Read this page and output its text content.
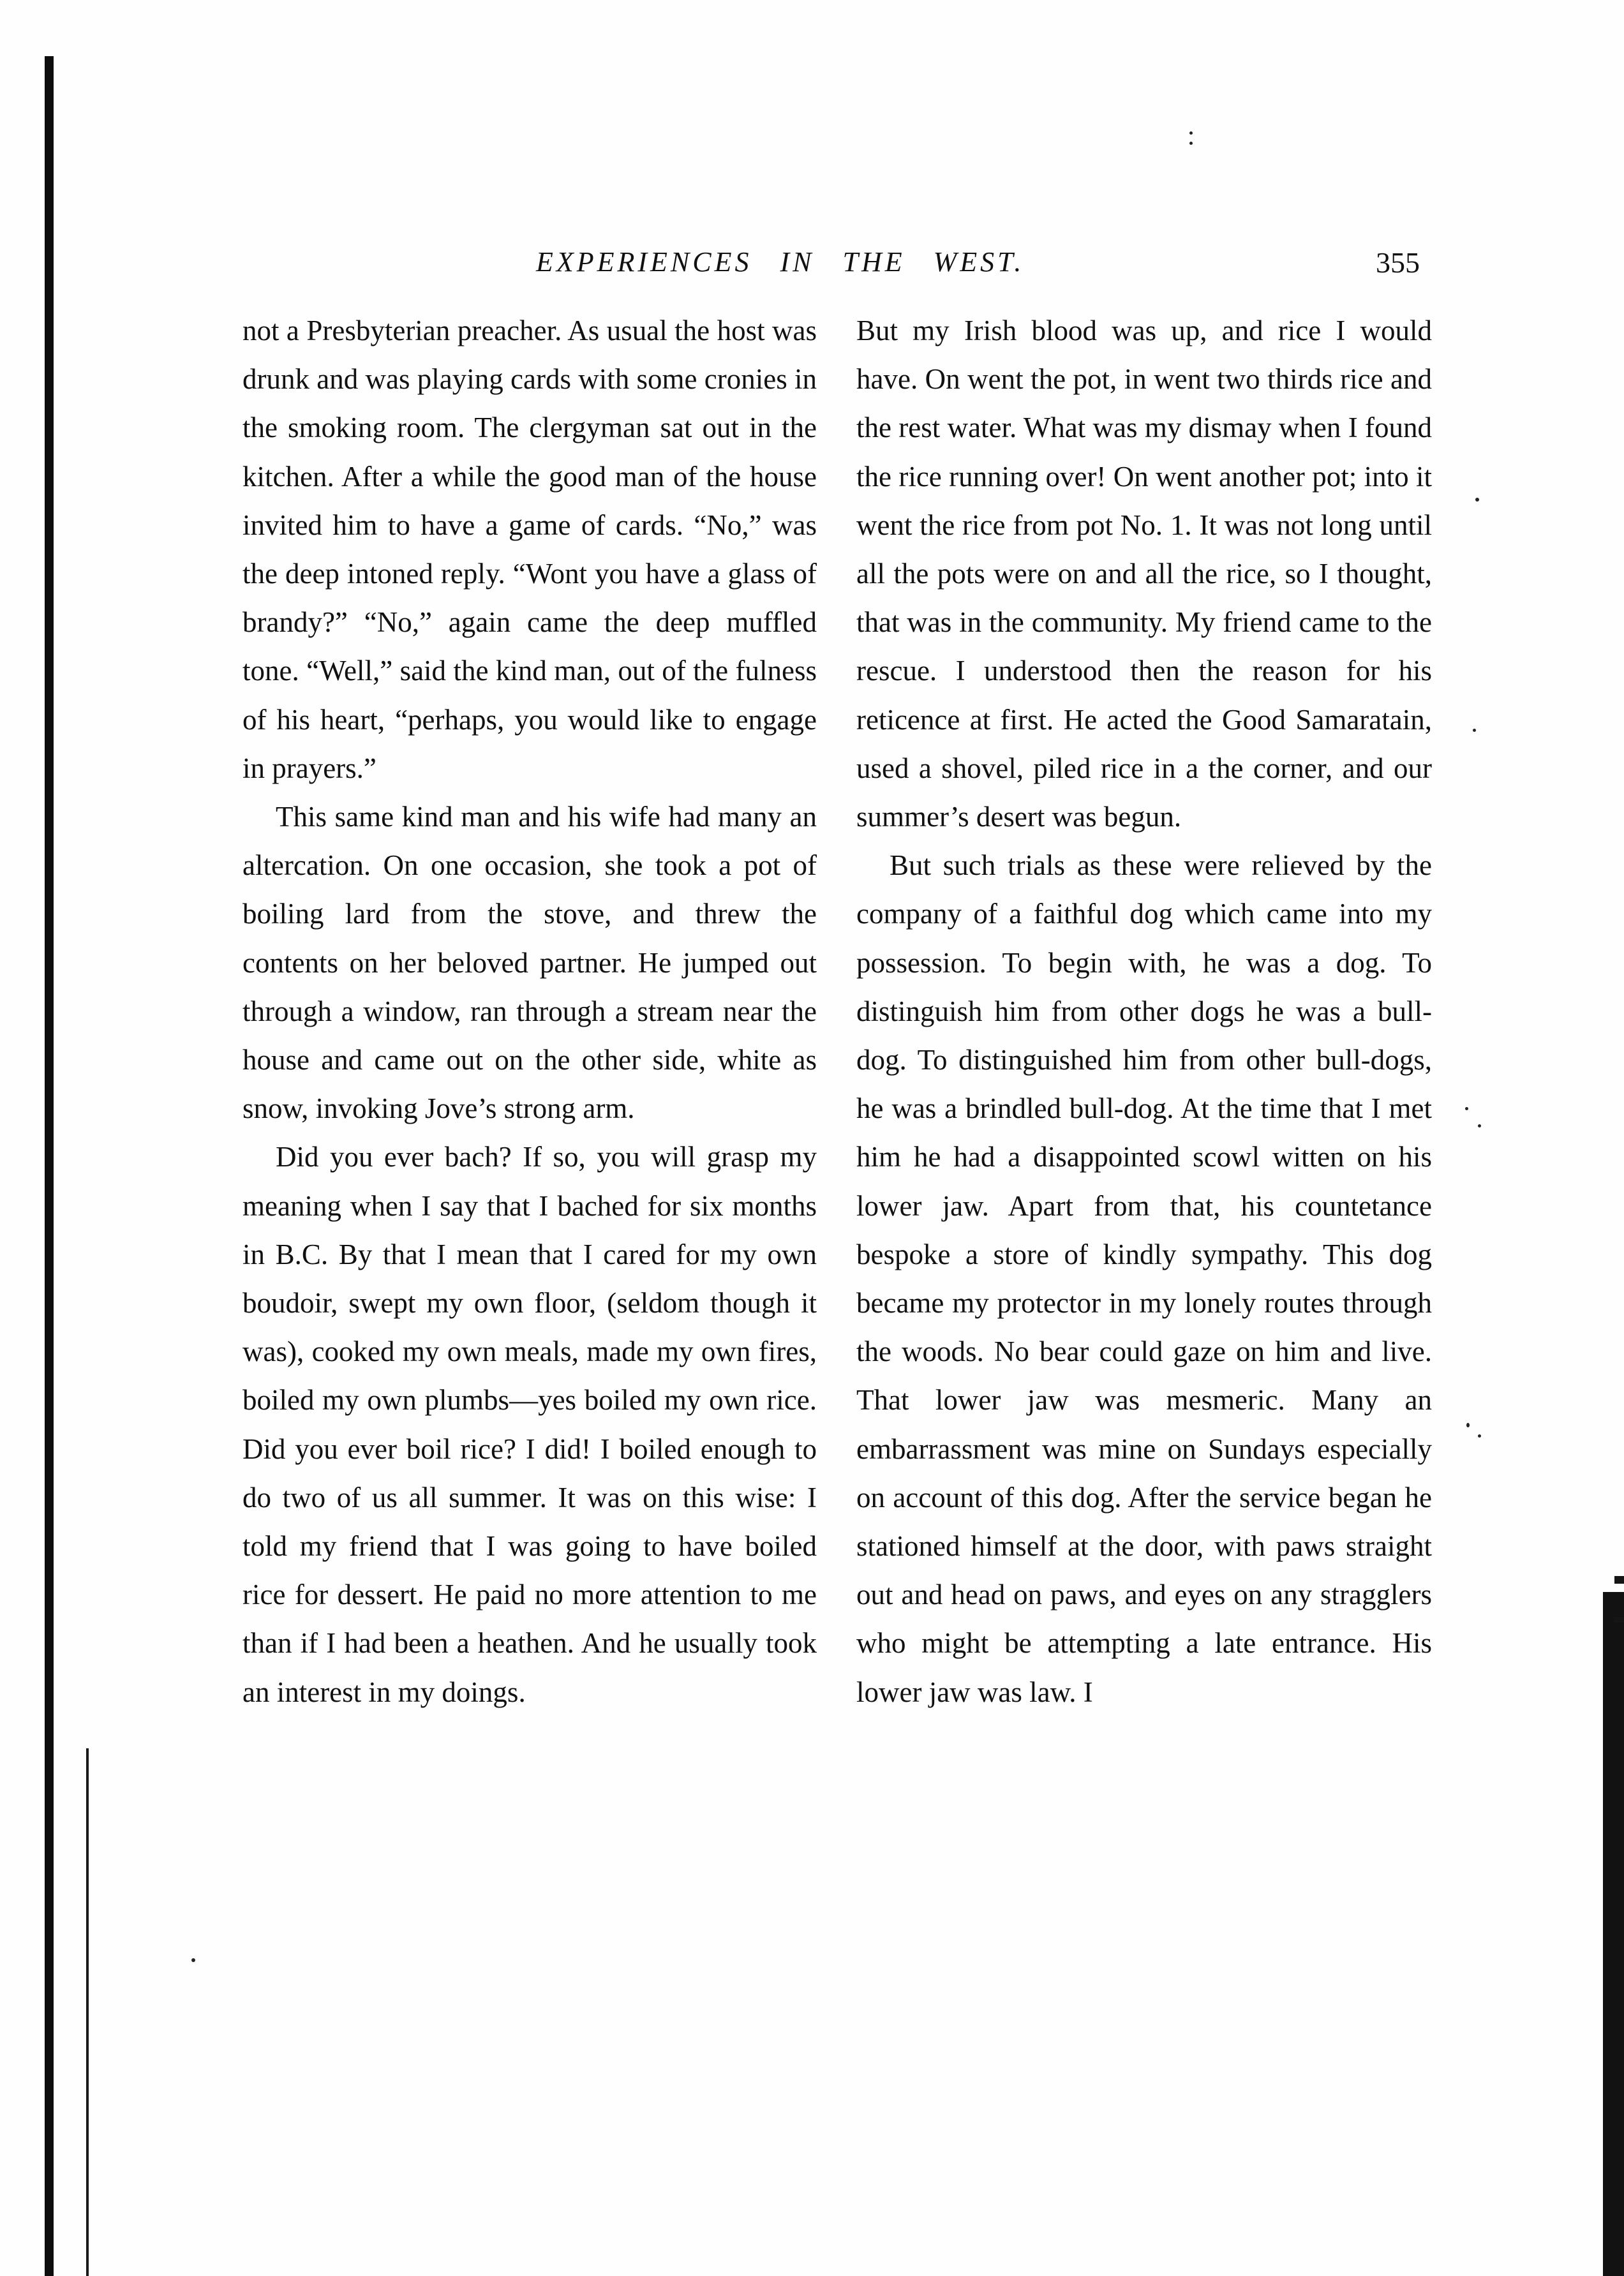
EXPERIENCES IN THE WEST.	355

not a Presbyterian preacher. As usual the host was drunk and was playing cards with some cronies in the smoking room. The clergyman sat out in the kitchen. After a while the good man of the house invited him to have a game of cards. “No,” was the deep intoned reply. “Wont you have a glass of brandy?” “No,” again came the deep muffled tone. “Well,” said the kind man, out of the fulness of his heart, “perhaps, you would like to engage in prayers.”

This same kind man and his wife had many an altercation. On one occasion, she took a pot of boiling lard from the stove, and threw the contents on her beloved partner. He jumped out through a window, ran through a stream near the house and came out on the other side, white as snow, invoking Jove’s strong arm.

Did you ever bach? If so, you will grasp my meaning when I say that I bached for six months in B.C. By that I mean that I cared for my own boudoir, swept my own floor, (seldom though it was), cooked my own meals, made my own fires, boiled my own plumbs—yes boiled my own rice. Did you ever boil rice? I did! I boiled enough to do two of us all summer. It was on this wise: I told my friend that I was going to have boiled rice for dessert. He paid no more attention to me than if I had been a heathen. And he usually took an interest in my doings.

But my Irish blood was up, and rice I would have. On went the pot, in went two thirds rice and the rest water. What was my dismay when I found the rice running over! On went another pot; into it went the rice from pot No. 1. It was not long until all the pots were on and all the rice, so I thought, that was in the community. My friend came to the rescue. I understood then the reason for his reticence at first. He acted the Good Samaratain, used a shovel, piled rice in a the corner, and our summer’s desert was begun.

But such trials as these were relieved by the company of a faithful dog which came into my possession. To begin with, he was a dog. To distinguish him from other dogs he was a bull-dog. To distinguished him from other bull-dogs, he was a brindled bull-dog. At the time that I met him he had a disappointed scowl witten on his lower jaw. Apart from that, his countetance bespoke a store of kindly sympathy. This dog became my protector in my lonely routes through the woods. No bear could gaze on him and live. That lower jaw was mesmeric. Many an embarrassment was mine on Sundays especially on account of this dog. After the service began he stationed himself at the door, with paws straight out and head on paws, and eyes on any stragglers who might be attempting a late entrance. His lower jaw was law. I
